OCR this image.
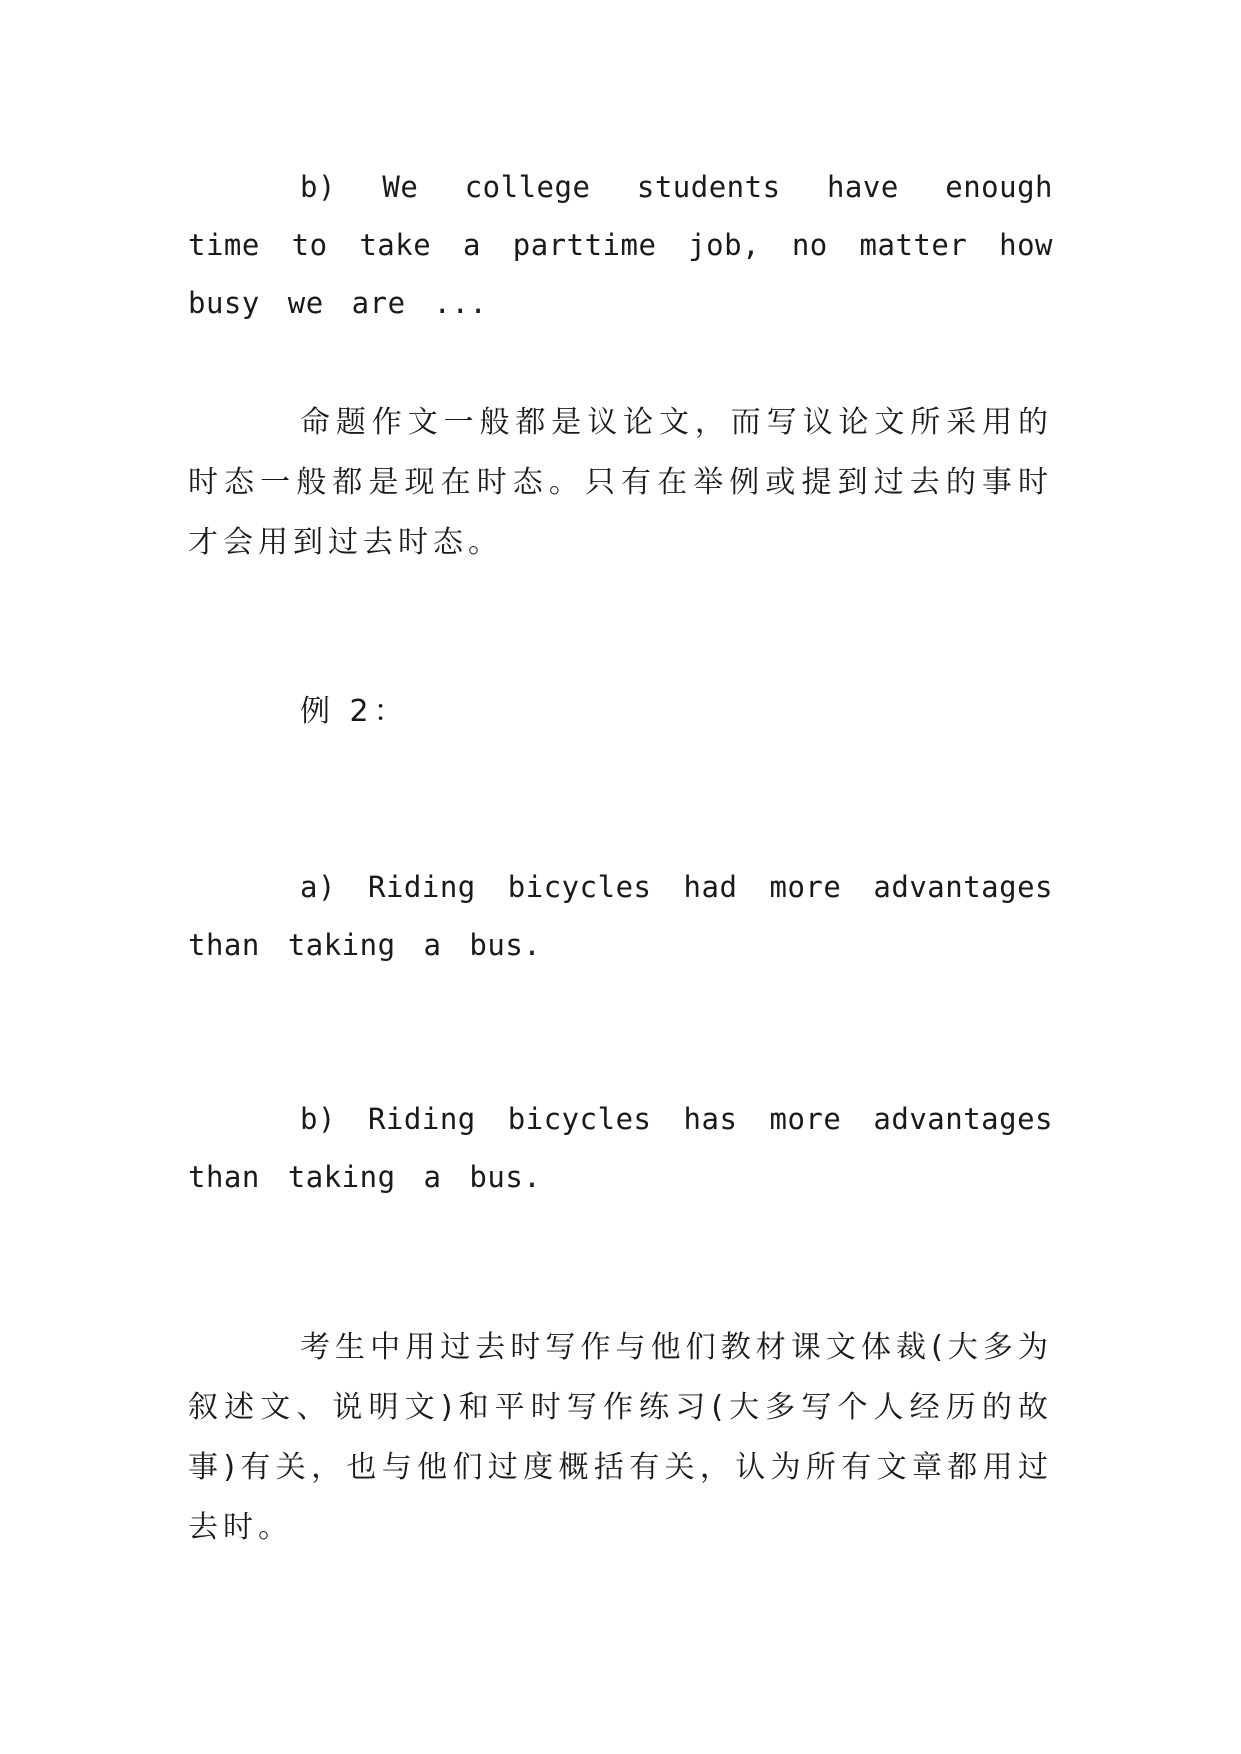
b) We college students have enough time to take a parttime job, no matter how busy we are ...

命题作文一般都是议论文，而写议论文所采用的时态一般都是现在时态。只有在举例或提到过去的事时才会用到过去时态。

例 2：

a) Riding bicycles had more advantages than taking a bus.

b) Riding bicycles has more advantages than taking a bus.

考生中用过去时写作与他们教材课文体裁(大多为叙述文、说明文)和平时写作练习(大多写个人经历的故事)有关，也与他们过度概括有关，认为所有文章都用过去时。
